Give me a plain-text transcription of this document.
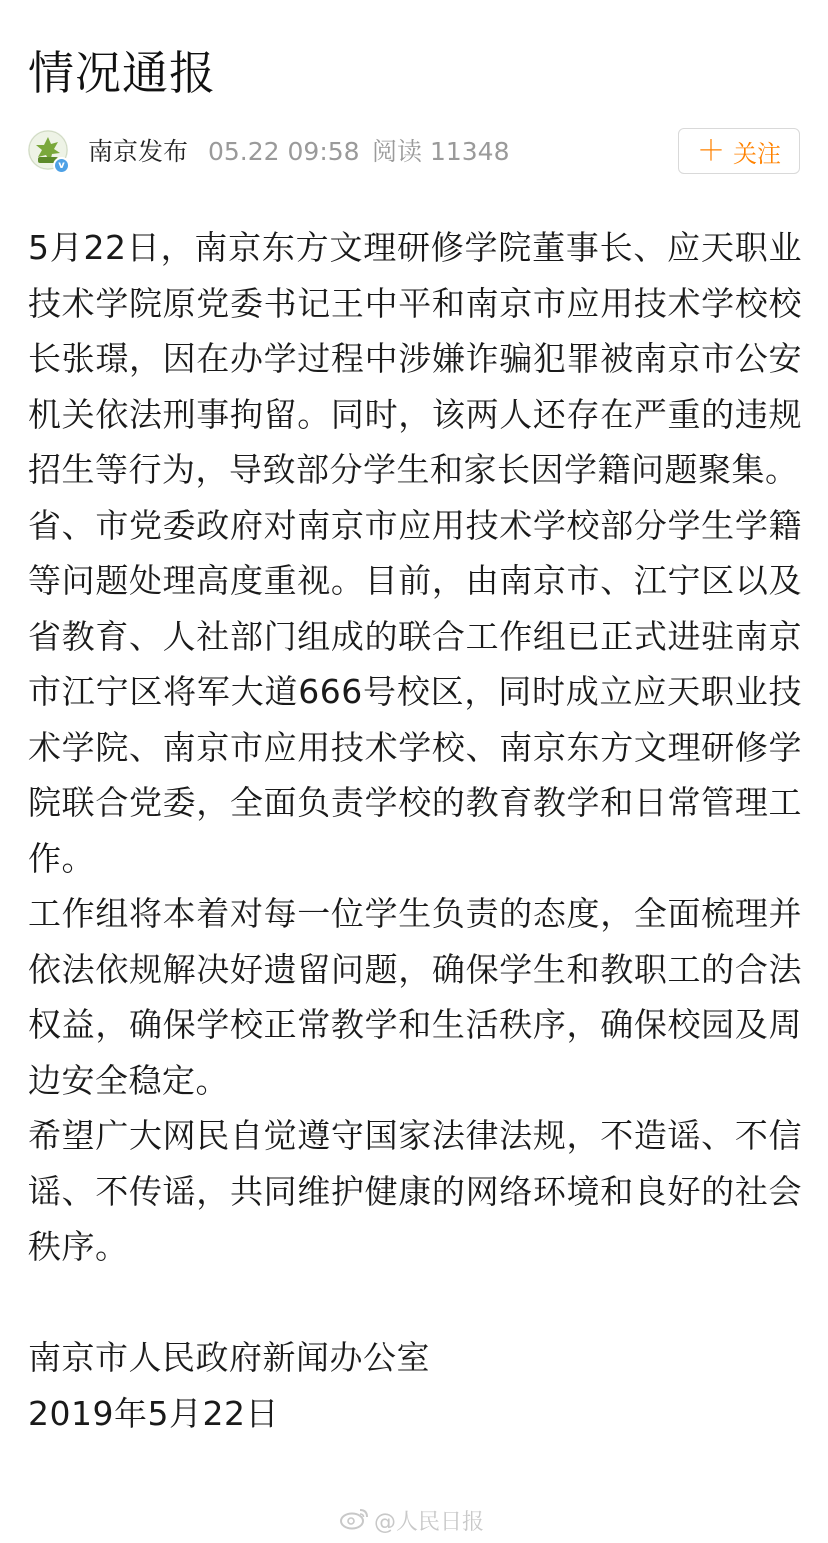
情况通报
v 南京发布 05.22 09:58 阅读 11348	＋ 关注

5月22日，南京东方文理研修学院董事长、应天职业技术学院原党委书记王中平和南京市应用技术学校校长张璟，因在办学过程中涉嫌诈骗犯罪被南京市公安机关依法刑事拘留。同时，该两人还存在严重的违规招生等行为，导致部分学生和家长因学籍问题聚集。

省、市党委政府对南京市应用技术学校部分学生学籍等问题处理高度重视。目前，由南京市、江宁区以及省教育、人社部门组成的联合工作组已正式进驻南京市江宁区将军大道666号校区，同时成立应天职业技术学院、南京市应用技术学校、南京东方文理研修学院联合党委，全面负责学校的教育教学和日常管理工作。

工作组将本着对每一位学生负责的态度，全面梳理并依法依规解决好遗留问题，确保学生和教职工的合法权益，确保学校正常教学和生活秩序，确保校园及周边安全稳定。

希望广大网民自觉遵守国家法律法规，不造谣、不信谣、不传谣，共同维护健康的网络环境和良好的社会秩序。

南京市人民政府新闻办公室

2019年5月22日

@人民日报
